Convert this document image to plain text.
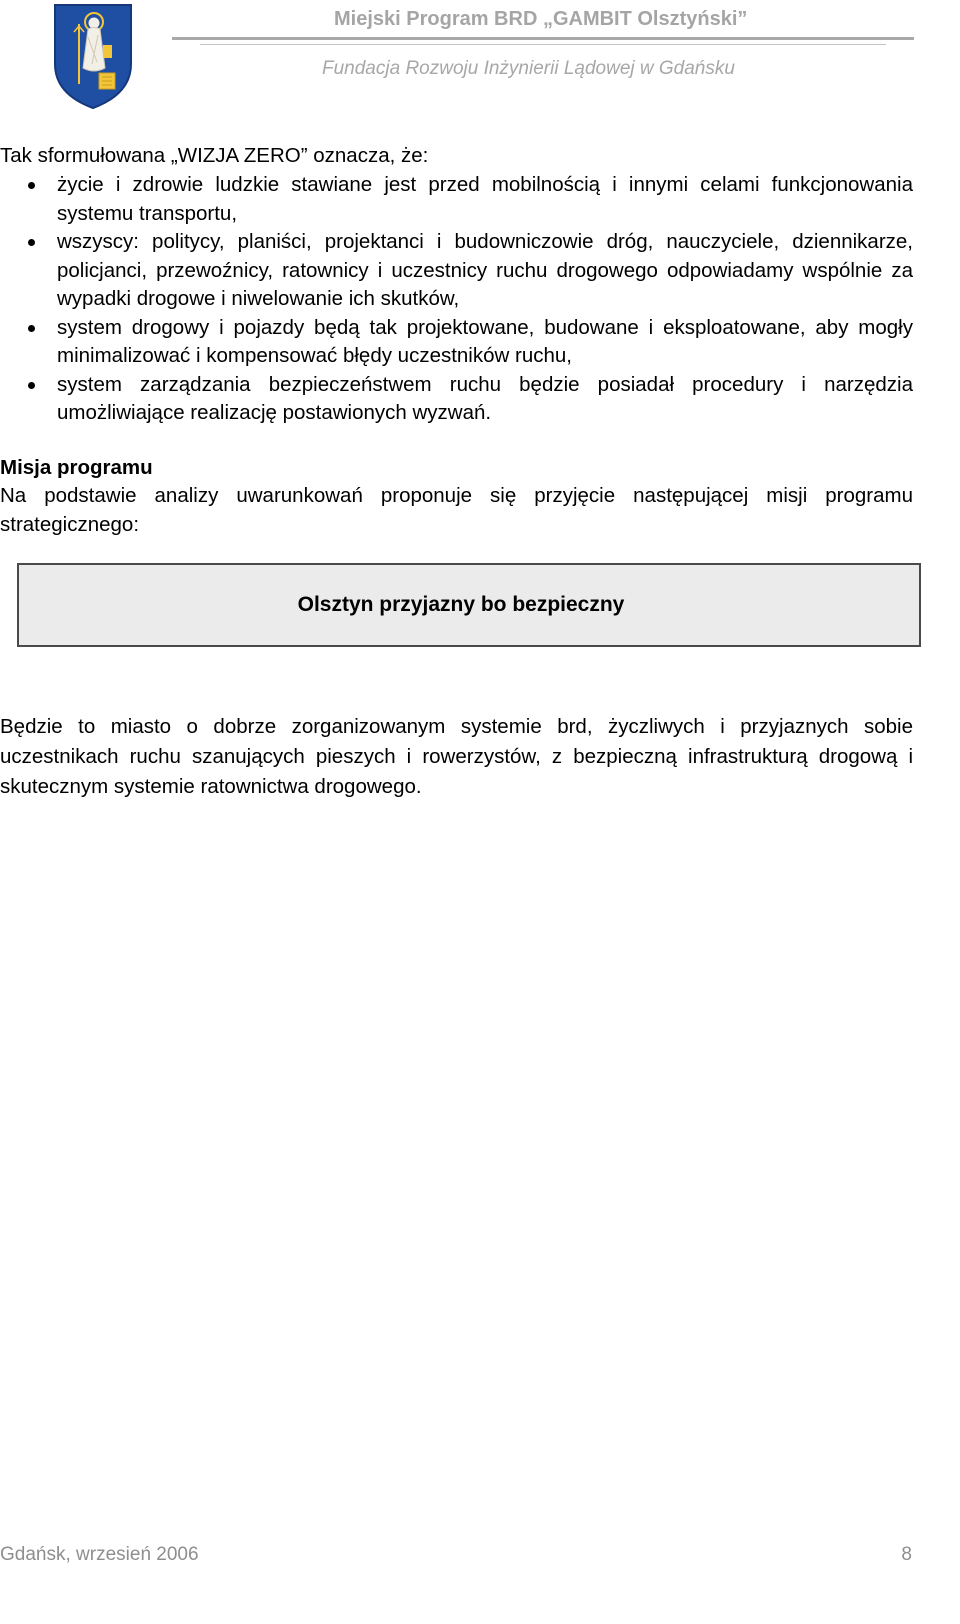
Miejski Program BRD „GAMBIT Olsztyński”
Fundacja Rozwoju Inżynierii Lądowej w Gdańsku
Tak sformułowana „WIZJA ZERO” oznacza, że:
życie i zdrowie ludzkie stawiane jest przed mobilnością i innymi celami funkcjonowania systemu transportu,
wszyscy: politycy, planiści, projektanci i budowniczowie dróg, nauczyciele, dziennikarze, policjanci, przewoźnicy, ratownicy i uczestnicy ruchu drogowego odpowiadamy wspólnie za wypadki drogowe i niwelowanie ich skutków,
system drogowy i pojazdy będą tak projektowane, budowane i eksploatowane, aby mogły minimalizować i kompensować błędy uczestników ruchu,
system zarządzania bezpieczeństwem ruchu będzie posiadał procedury i narzędzia umożliwiające realizację postawionych wyzwań.
Misja programu
Na podstawie analizy uwarunkowań proponuje się przyjęcie następującej misji programu strategicznego:
Olsztyn przyjazny bo bezpieczny
Będzie to miasto o dobrze zorganizowanym systemie brd, życzliwych i przyjaznych sobie uczestnikach ruchu szanujących pieszych i rowerzystów, z bezpieczną infrastrukturą drogową i skutecznym systemie ratownictwa drogowego.
Gdańsk, wrzesień 2006	8
